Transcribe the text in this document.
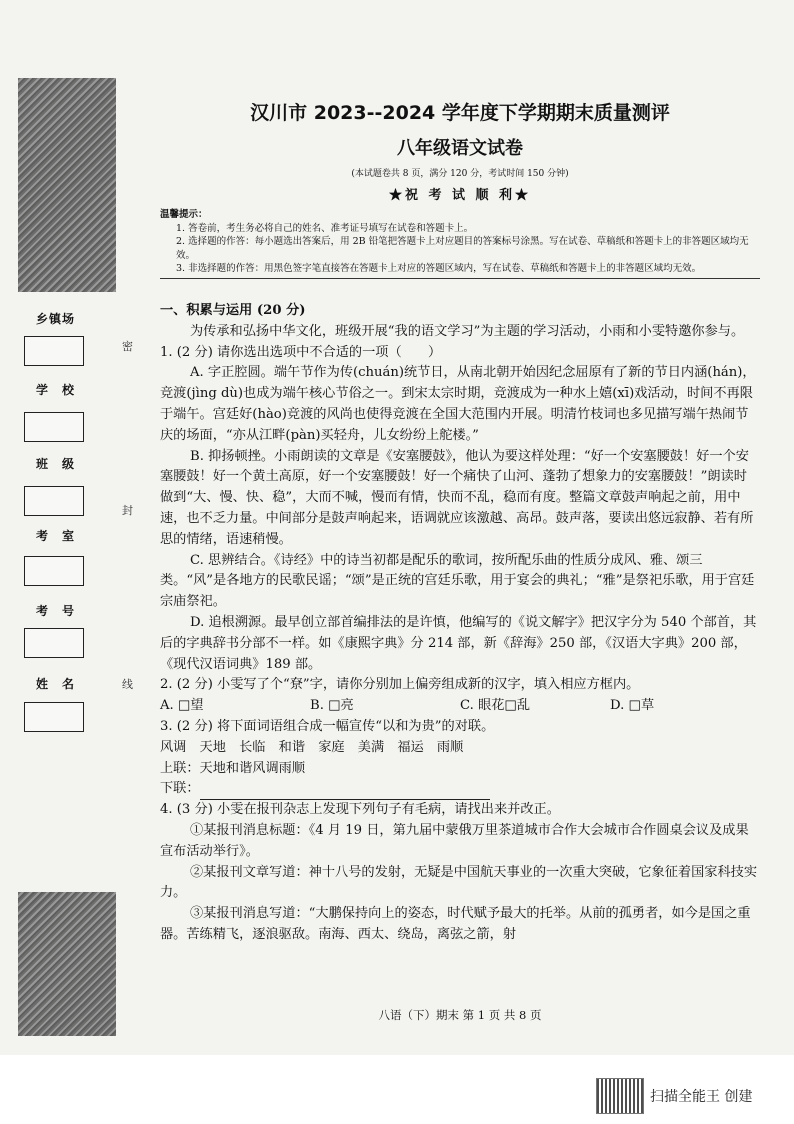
乡镇场
学　校
班　级
考　室
考　号
姓　名
密
封
线
汉川市 2023--2024 学年度下学期期末质量测评
八年级语文试卷
(本试题卷共 8 页，满分 120 分，考试时间 150 分钟)
★祝 考 试 顺 利★
温馨提示：

1. 答卷前，考生务必将自己的姓名、准考证号填写在试卷和答题卡上。

2. 选择题的作答：每小题选出答案后，用 2B 铅笔把答题卡上对应题目的答案标号涂黑。写在试卷、草稿纸和答题卡上的非答题区域均无效。

3. 非选择题的作答：用黑色签字笔直接答在答题卡上对应的答题区域内，写在试卷、草稿纸和答题卡上的非答题区域均无效。

一、积累与运用 (20 分)

为传承和弘扬中华文化，班级开展“我的语文学习”为主题的学习活动，小雨和小雯特邀你参与。

1. (2 分) 请你选出选项中不合适的一项（　　）

A. 字正腔圆。端午节作为传(chuán)统节日，从南北朝开始因纪念屈原有了新的节日内涵(hán)，竞渡(jìng dù)也成为端午核心节俗之一。到宋太宗时期，竞渡成为一种水上嬉(xī)戏活动，时间不再限于端午。宫廷好(hào)竞渡的风尚也使得竞渡在全国大范围内开展。明清竹枝词也多见描写端午热闹节庆的场面，“亦从江畔(pàn)买轻舟，儿女纷纷上舵楼。”

B. 抑扬顿挫。小雨朗读的文章是《安塞腰鼓》，他认为要这样处理：“好一个安塞腰鼓！好一个安塞腰鼓！好一个黄土高原，好一个安塞腰鼓！好一个痛快了山河、蓬勃了想象力的安塞腰鼓！”朗读时做到“大、慢、快、稳”，大而不喊，慢而有情，快而不乱，稳而有度。整篇文章鼓声响起之前，用中速，也不乏力量。中间部分是鼓声响起来，语调就应该激越、高昂。鼓声落，要读出悠远寂静、若有所思的情绪，语速稍慢。

C. 思辨结合。《诗经》中的诗当初都是配乐的歌词，按所配乐曲的性质分成风、雅、颂三类。“风”是各地方的民歌民谣；“颂”是正统的宫廷乐歌，用于宴会的典礼；“雅”是祭祀乐歌，用于宫廷宗庙祭祀。

D. 追根溯源。最早创立部首编排法的是许慎，他编写的《说文解字》把汉字分为 540 个部首，其后的字典辞书分部不一样。如《康熙字典》分 214 部，新《辞海》250 部，《汉语大字典》200 部，《现代汉语词典》189 部。

2. (2 分) 小雯写了个“尞”字，请你分别加上偏旁组成新的汉字，填入相应方框内。

A. □望	B. □亮	C. 眼花□乱	D. □草

3. (2 分) 将下面词语组合成一幅宣传“以和为贵”的对联。

风调　天地　长临　和谐　家庭　美满　福运　雨顺

上联：天地和谐风调雨顺

下联：

4. (3 分) 小雯在报刊杂志上发现下列句子有毛病，请找出来并改正。

①某报刊消息标题：《4 月 19 日，第九届中蒙俄万里茶道城市合作大会城市合作圆桌会议及成果宣布活动举行》。

②某报刊文章写道：神十八号的发射，无疑是中国航天事业的一次重大突破，它象征着国家科技实力。

③某报刊消息写道：“大鹏保持向上的姿态，时代赋予最大的托举。从前的孤勇者，如今是国之重器。苦练精飞，逐浪驱敌。南海、西太、绕岛，离弦之箭，射

八语（下）期末 第 1 页 共 8 页
扫描全能王 创建
